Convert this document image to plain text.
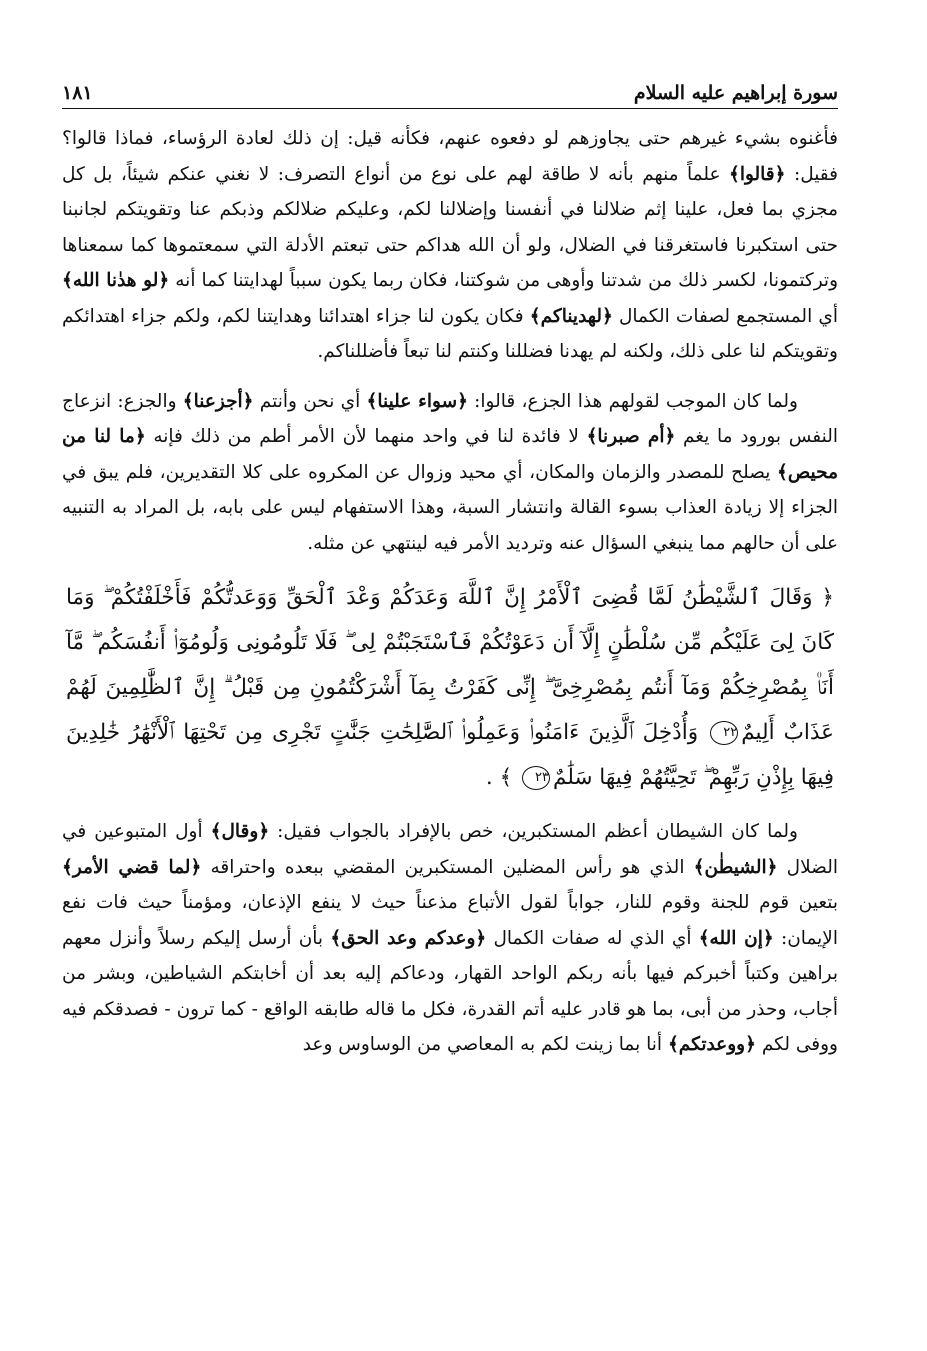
سورة إبراهيم عليه السلام
١٨١

فأغنوه بشيء غيرهم حتى يجاوزهم لو دفعوه عنهم، فكأنه قيل: إن ذلك لعادة الرؤساء، فماذا قالوا؟ فقيل: ﴿قالوا﴾ علماً منهم بأنه لا طاقة لهم على نوع من أنواع التصرف: لا نغني عنكم شيئاً، بل كل مجزي بما فعل، علينا إثم ضلالنا في أنفسنا وإضلالنا لكم، وعليكم ضلالكم وذبكم عنا وتقويتكم لجانبنا حتى استكبرنا فاستغرقنا في الضلال، ولو أن الله هداكم حتى تبعتم الأدلة التي سمعتموها كما سمعناها وتركتمونا، لكسر ذلك من شدتنا وأوهى من شوكتنا، فكان ربما يكون سبباً لهدايتنا كما أنه ﴿لو هدٰنا الله﴾ أي المستجمع لصفات الكمال ﴿لهديناكم﴾ فكان يكون لنا جزاء اهتدائنا وهدايتنا لكم، ولكم جزاء اهتدائكم وتقويتكم لنا على ذلك، ولكنه لم يهدنا فضللنا وكنتم لنا تبعاً فأضللناكم.

ولما كان الموجب لقولهم هذا الجزع، قالوا: ﴿سواء علينا﴾ أي نحن وأنتم ﴿أجزعنا﴾ والجزع: انزعاج النفس بورود ما يغم ﴿أم صبرنا﴾ لا فائدة لنا في واحد منهما لأن الأمر أطم من ذلك فإنه ﴿ما لنا من محيص﴾ يصلح للمصدر والزمان والمكان، أي محيد وزوال عن المكروه على كلا التقديرين، فلم يبق في الجزاء إلا زيادة العذاب بسوء القالة وانتشار السبة، وهذا الاستفهام ليس على بابه، بل المراد به التنبيه على أن حالهم مما ينبغي السؤال عنه وترديد الأمر فيه لينتهي عن مثله.

﴿ وَقَالَ ٱلشَّيْطَٰنُ لَمَّا قُضِىَ ٱلْأَمْرُ إِنَّ ٱللَّهَ وَعَدَكُمْ وَعْدَ ٱلْحَقِّ وَوَعَدتُّكُمْ فَأَخْلَفْتُكُمْ ۖ وَمَا كَانَ لِىَ عَلَيْكُم مِّن سُلْطَٰنٍ إِلَّآ أَن دَعَوْتُكُمْ فَٱسْتَجَبْتُمْ لِى ۖ فَلَا تَلُومُونِى وَلُومُوٓا۟ أَنفُسَكُم ۖ مَّآ أَنَا۠ بِمُصْرِخِكُمْ وَمَآ أَنتُم بِمُصْرِخِىَّ ۖ إِنِّى كَفَرْتُ بِمَآ أَشْرَكْتُمُونِ مِن قَبْلُ ۗ إِنَّ ٱلظَّٰلِمِينَ لَهُمْ عَذَابٌ أَلِيمٌ٢٢ وَأُدْخِلَ ٱلَّذِينَ ءَامَنُوا۟ وَعَمِلُوا۟ ٱلصَّٰلِحَٰتِ جَنَّٰتٍ تَجْرِى مِن تَحْتِهَا ٱلْأَنْهَٰرُ خَٰلِدِينَ فِيهَا بِإِذْنِ رَبِّهِمْ ۖ تَحِيَّتُهُمْ فِيهَا سَلَٰمٌ٢٣ ﴾ .

ولما كان الشيطان أعظم المستكبرين، خص بالإفراد بالجواب فقيل: ﴿وقال﴾ أول المتبوعين في الضلال ﴿الشيطٰن﴾ الذي هو رأس المضلين المستكبرين المقضي ببعده واحتراقه ﴿لما قضي الأمر﴾ بتعين قوم للجنة وقوم للنار، جواباً لقول الأتباع مذعناً حيث لا ينفع الإذعان، ومؤمناً حيث فات نفع الإيمان: ﴿إن الله﴾ أي الذي له صفات الكمال ﴿وعدكم وعد الحق﴾ بأن أرسل إليكم رسلاً وأنزل معهم براهين وكتباً أخبركم فيها بأنه ربكم الواحد القهار، ودعاكم إليه بعد أن أخابتكم الشياطين، وبشر من أجاب، وحذر من أبى، بما هو قادر عليه أتم القدرة، فكل ما قاله طابقه الواقع - كما ترون - فصدقكم فيه ووفى لكم ﴿ووعدتكم﴾ أنا بما زينت لكم به المعاصي من الوساوس وعد
